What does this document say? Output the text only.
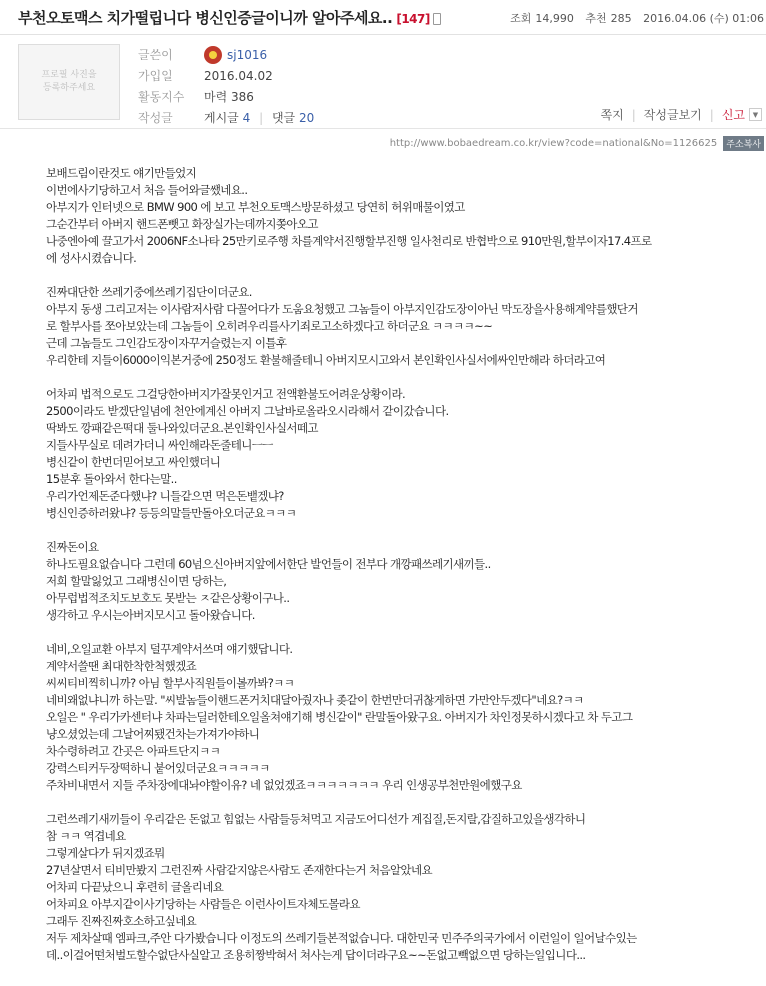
부천오토맥스 치가떨립니다 병신인증글이니까 알아주세요.. [147]	조회 14,990 추천 285 2016.04.06 (수) 01:06
프로필 사진을
등록하주세요
글쓴이	sj1016
가입일	2016.04.02
활동지수	마력 386
작성글	게시글 4 | 댓글 20	쪽지 | 작성글보기 | 신고	▼
http://www.bobaedream.co.kr/view?code=national&No=1126625	주소복사

보배드림이란것도 얘기만들었지

이번에사기당하고서 처음 들어와글쌨네요..

아부지가 인터넷으로 BMW 900 에 보고 부천오토맥스방문하셨고 당연히 허위매물이였고

그순간부터 아버지 핸드폰뺏고 화장실가는데까지쫒아오고

나중엔아예 끌고가서 2006NF소나타 25만키로주행 차를계약서진행할부진행 일사천리로 반협박으로 910만원,할부이자17.4프로

에 성사시켰습니다.

진짜대단한 쓰레기중에쓰레기집단이더군요.

아부지 동생 그리고저는 이사람저사람 다꼴어다가 도움요청했고 그놈들이 아부지인감도장이아닌 막도장을사용해계약를했단거

로 할부사를 쪼아보았는데 그놈들이 오히려우리를사기죄로고소하겠다고 하더군요 ㅋㅋㅋㅋ~~

근데 그놈들도 그인감도장이자꾸거슬렸는지 이틀후

우리한테 지들이6000이익본거중에 250정도 환불해줄테니 아버지모시고와서 본인확인사실서에싸인만해라 하더라고여

어차피 법적으로도 그걸당한아버지가잘못인거고 전액환불도어려운상황이라.

2500이라도 받겠단일념에 천안에계신 아버지 그날바로올라오시라해서 같이갔습니다.

딱봐도 깡패같은떡대 둘나와있더군요.본인확인사실서떼고

지들사무실로 데려가더니 싸인해라돈줄테니ㅡㅡ

병신같이 한번더믿어보고 싸인했더니

15분후 돌아와서 한다는말..

우리가언제돈준다했냐? 니들같으면 먹은돈뱉겠냐?

병신인증하러왔냐? 등등의말들만돌아오더군요ㅋㅋㅋ

진짜돈이요

하나도필요없습니다 그런데 60넘으신아버지앞에서한단 발언들이 전부다 개깡패쓰레기새끼들..

저희 할말잃었고 그래병신이면 당하는,

아무럽법적조치도보호도 못받는 ㅈ같은상황이구나..

생각하고 우시는아버지모시고 돌아왔습니다.

네비,오일교환 아부지 덜꾸계약서쓰며 얘기했답니다.

계약서쓸땐 최대한착한척했겠죠

씨씨티비찍히니까? 아님 할부사직원들이볼까봐?ㅋㅋ

네비왜없냐니까 하는말. "씨발놈들이핸드폰거치대달아줬자나 좆같이 한번만더귀찮게하면 가만안두겠다"네요?ㅋㅋ

오일은 " 우리가카센터냐 차파는딜러한테오일올쳐얘기해 병신같이" 란말돌아왔구요. 아버지가 차인정못하시겠다고 차 두고그

냥오셨었는데 그날어찌됐건차는가져가야하니

차수령하려고 간곳은 아파트단지ㅋㅋ

강력스티커두장떡하니 붙어있더군요ㅋㅋㅋㅋㅋ

주차비내면서 지들 주차장에대놔야할이유? 네 없었겠죠ㅋㅋㅋㅋㅋㅋㅋ 우리 인생공부천만원에했구요

그런쓰레기새끼들이 우리같은 돈없고 힘없는 사람들등쳐먹고 지금도어디선가 계집질,돈지랄,갑질하고있을생각하니

참 ㅋㅋ 역겹네요

그렇게살다가 뒤지겠죠뭐

27년살면서 티비만봤지 그런진짜 사람같지않은사람도 존재한다는거 처음알았네요

어차피 다끝났으니 후련히 글올리네요

어차피요 아부지같이사기당하는 사람들은 이런사이트자체도몰라요

그래두 진짜진짜호소하고싶네요

저두 제차살때 엠파크,주안 다가봤습니다 이정도의 쓰레기들본적없습니다. 대한민국 민주주의국가에서 이런일이 일어날수있는

데..이걸어떤처벌도할수없단사실알고 조용히짱박혀서 쳐사는게 답이더라구요~~돈없고빽없으면 당하는일입니다...
